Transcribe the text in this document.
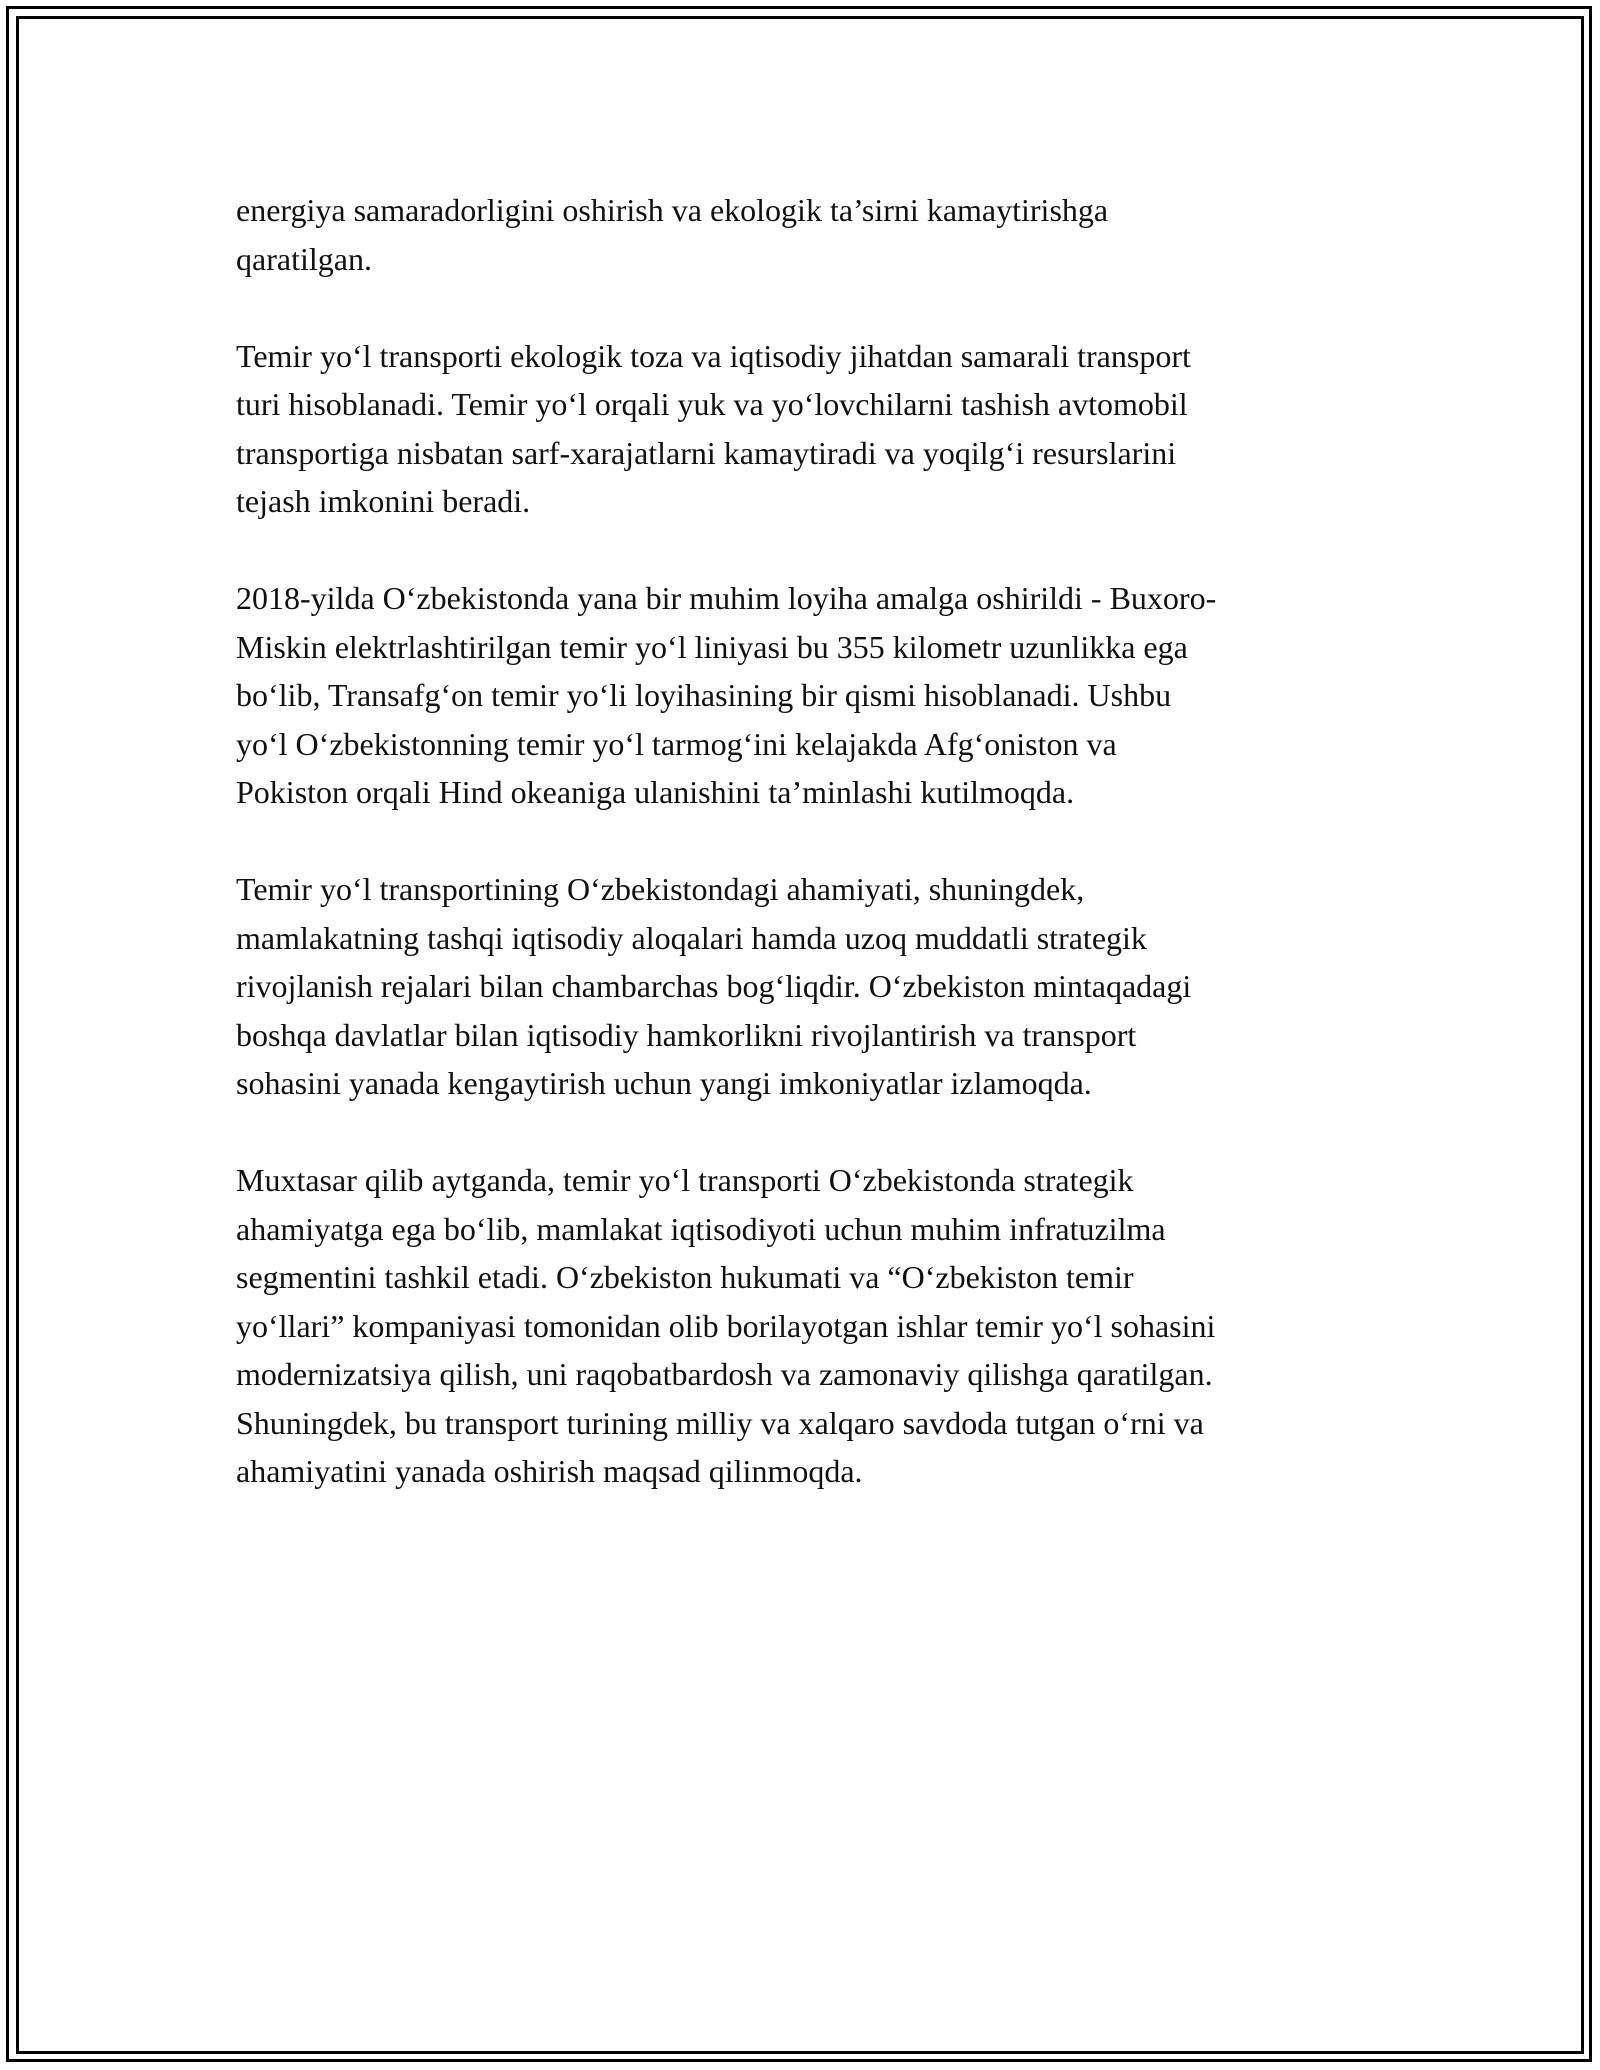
energiya samaradorligini oshirish va ekologik ta’sirni kamaytirishga
qaratilgan.

Temir yo‘l transporti ekologik toza va iqtisodiy jihatdan samarali transport
turi hisoblanadi. Temir yo‘l orqali yuk va yo‘lovchilarni tashish avtomobil
transportiga nisbatan sarf-xarajatlarni kamaytiradi va yoqilg‘i resurslarini
tejash imkonini beradi.

2018-yilda O‘zbekistonda yana bir muhim loyiha amalga oshirildi - Buxoro-
Miskin elektrlashtirilgan temir yo‘l liniyasi bu 355 kilometr uzunlikka ega
bo‘lib, Transafg‘on temir yo‘li loyihasining bir qismi hisoblanadi. Ushbu
yo‘l O‘zbekistonning temir yo‘l tarmog‘ini kelajakda Afg‘oniston va
Pokiston orqali Hind okeaniga ulanishini ta’minlashi kutilmoqda.

Temir yo‘l transportining O‘zbekistondagi ahamiyati, shuningdek,
mamlakatning tashqi iqtisodiy aloqalari hamda uzoq muddatli strategik
rivojlanish rejalari bilan chambarchas bog‘liqdir. O‘zbekiston mintaqadagi
boshqa davlatlar bilan iqtisodiy hamkorlikni rivojlantirish va transport
sohasini yanada kengaytirish uchun yangi imkoniyatlar izlamoqda.

Muxtasar qilib aytganda, temir yo‘l transporti O‘zbekistonda strategik
ahamiyatga ega bo‘lib, mamlakat iqtisodiyoti uchun muhim infratuzilma
segmentini tashkil etadi. O‘zbekiston hukumati va “O‘zbekiston temir
yo‘llari” kompaniyasi tomonidan olib borilayotgan ishlar temir yo‘l sohasini
modernizatsiya qilish, uni raqobatbardosh va zamonaviy qilishga qaratilgan.
Shuningdek, bu transport turining milliy va xalqaro savdoda tutgan o‘rni va
ahamiyatini yanada oshirish maqsad qilinmoqda.
